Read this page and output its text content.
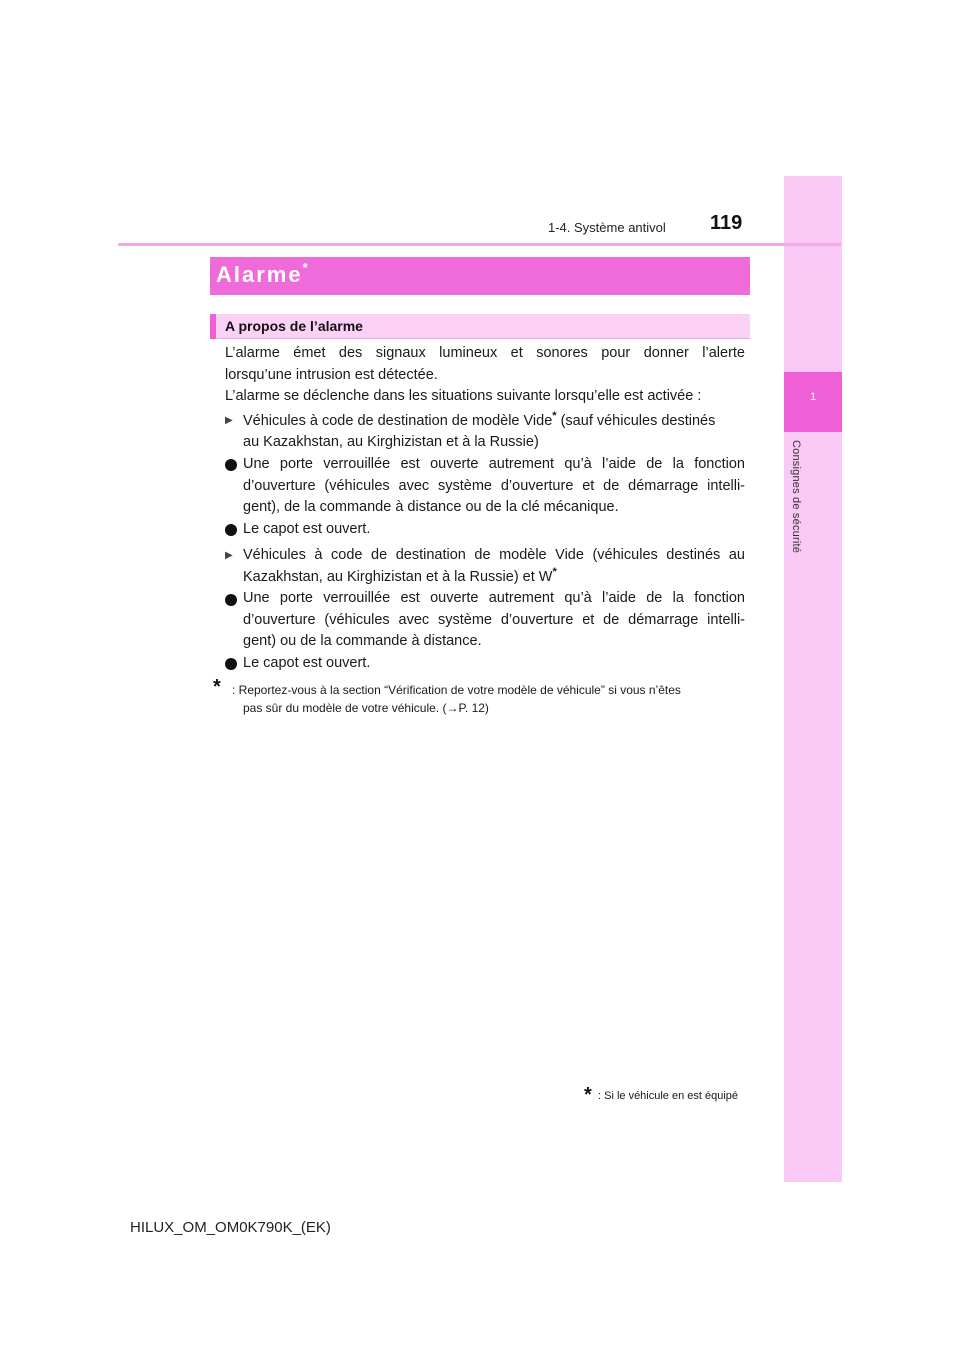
1
Consignes de sécurité
1-4. Système antivol 119
Alarme*
A propos de l’alarme
L’alarme émet des signaux lumineux et sonores pour donner l’alerte
lorsqu’une intrusion est détectée.
L’alarme se déclenche dans les situations suivante lorsqu’elle est activée :
▶ Véhicules à code de destination de modèle Vide* (sauf véhicules destinés
au Kazakhstan, au Kirghizistan et à la Russie)
Une porte verrouillée est ouverte autrement qu’à l’aide de la fonction
d’ouverture (véhicules avec système d’ouverture et de démarrage intelli-
gent), de la commande à distance ou de la clé mécanique.
Le capot est ouvert.
▶ Véhicules à code de destination de modèle Vide (véhicules destinés au
Kazakhstan, au Kirghizistan et à la Russie) et W*
Une porte verrouillée est ouverte autrement qu’à l’aide de la fonction
d’ouverture (véhicules avec système d’ouverture et de démarrage intelli-
gent) ou de la commande à distance.
Le capot est ouvert.
* : Reportez-vous à la section “Vérification de votre modèle de véhicule” si vous n’êtes
pas sûr du modèle de votre véhicule. (→P. 12)
* : Si le véhicule en est équipé
HILUX_OM_OM0K790K_(EK)
